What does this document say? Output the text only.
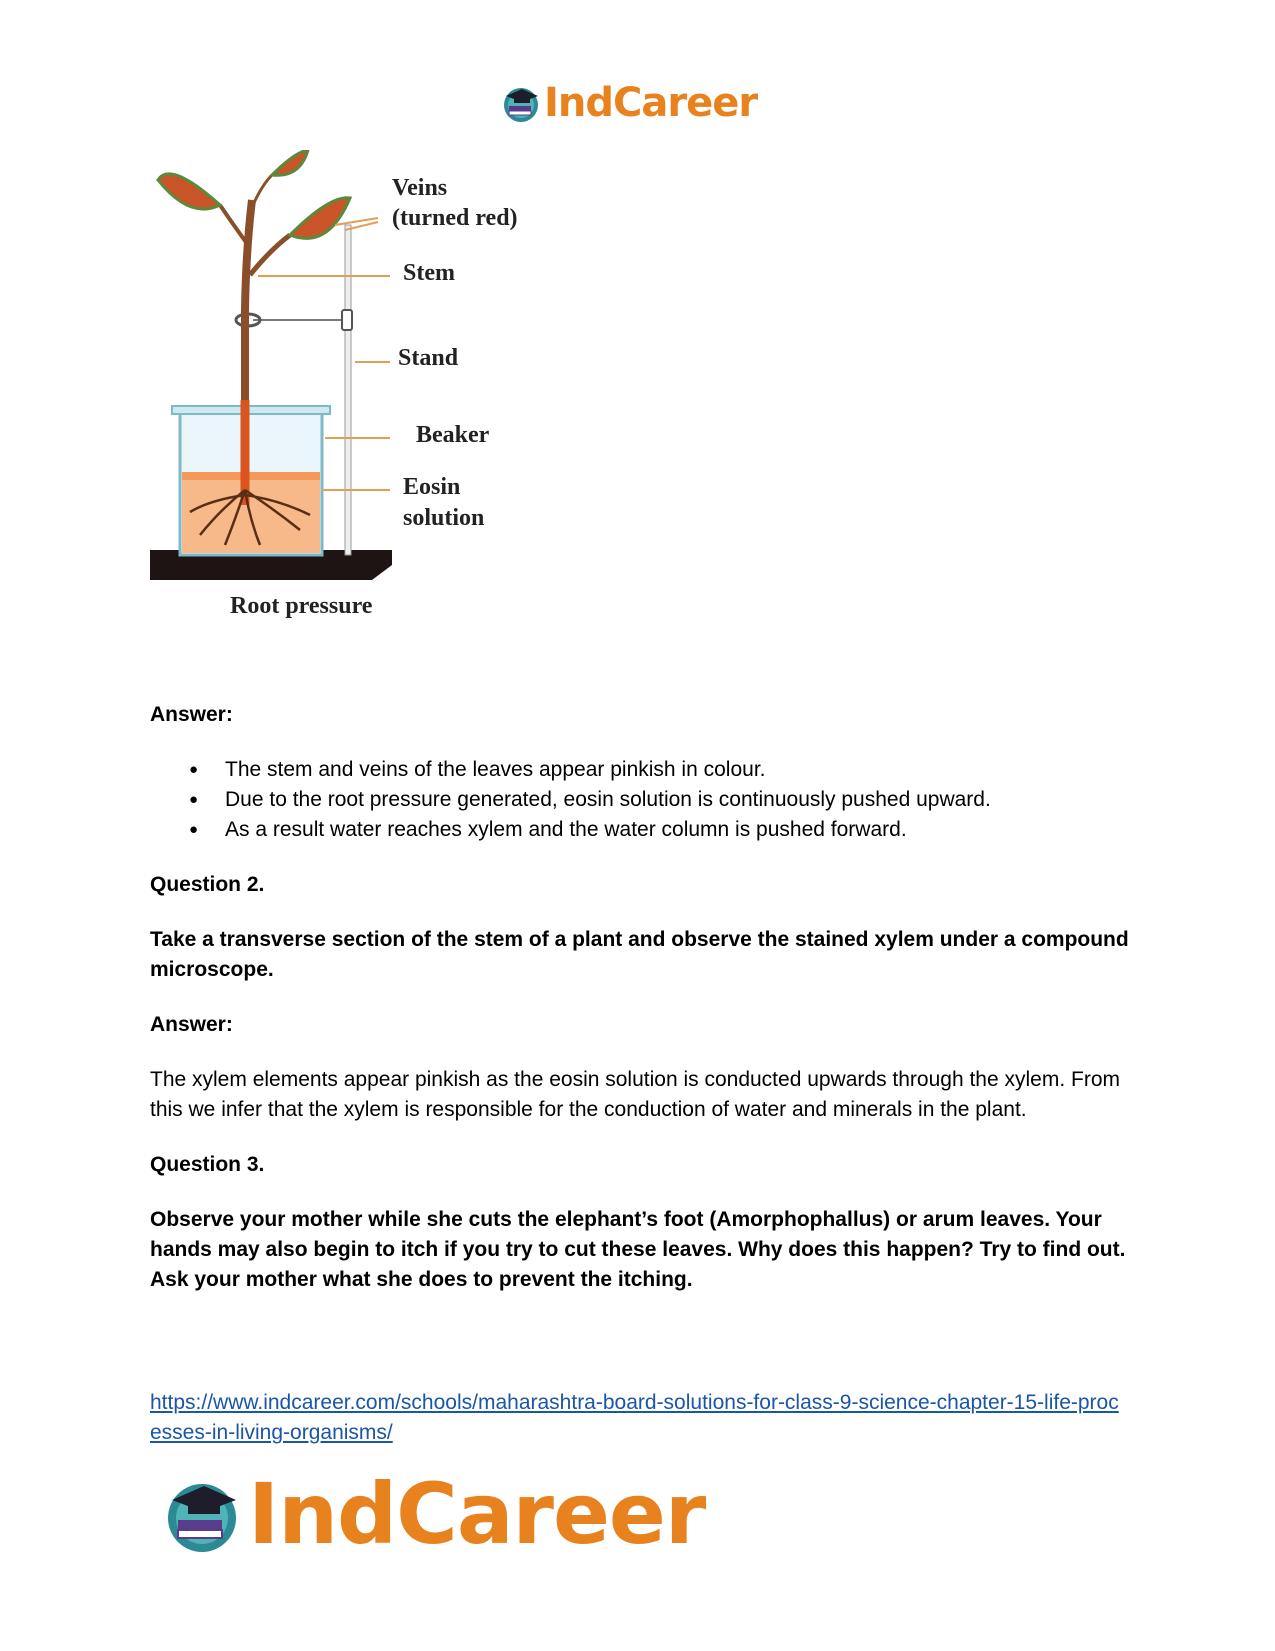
IndCareer
Veins
(turned red)
Stem
Stand
Beaker
Eosin
solution
Root pressure

Answer:

● The stem and veins of the leaves appear pinkish in colour.
● Due to the root pressure generated, eosin solution is continuously pushed upward.
● As a result water reaches xylem and the water column is pushed forward.

Question 2.

Take a transverse section of the stem of a plant and observe the stained xylem under a compound microscope.

Answer:

The xylem elements appear pinkish as the eosin solution is conducted upwards through the xylem. From this we infer that the xylem is responsible for the conduction of water and minerals in the plant.

Question 3.

Observe your mother while she cuts the elephant’s foot (Amorphophallus) or arum leaves. Your hands may also begin to itch if you try to cut these leaves. Why does this happen? Try to find out. Ask your mother what she does to prevent the itching.

https://www.indcareer.com/schools/maharashtra-board-solutions-for-class-9-science-chapter-15-life-processes-in-living-organisms/
IndCareer
